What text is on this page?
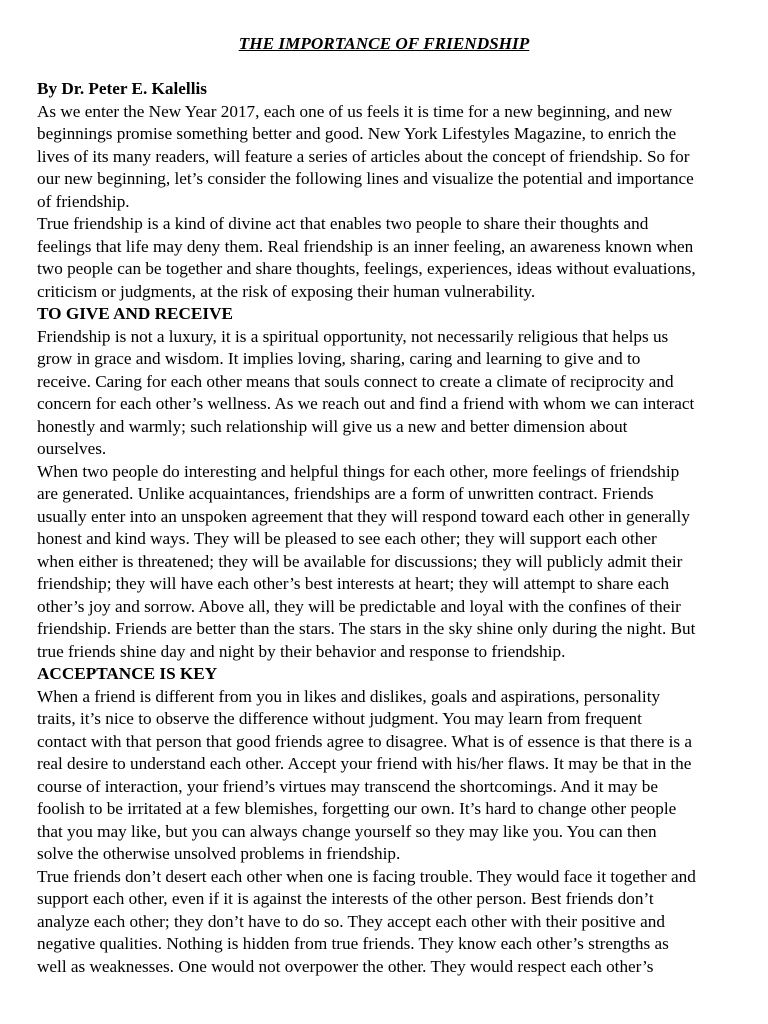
THE IMPORTANCE OF FRIENDSHIP

By Dr. Peter E. Kalellis

As we enter the New Year 2017, each one of us feels it is time for a new beginning, and new
beginnings promise something better and good. New York Lifestyles Magazine, to enrich the
lives of its many readers, will feature a series of articles about the concept of friendship. So for
our new beginning, let’s consider the following lines and visualize the potential and importance
of friendship.
True friendship is a kind of divine act that enables two people to share their thoughts and
feelings that life may deny them. Real friendship is an inner feeling, an awareness known when
two people can be together and share thoughts, feelings, experiences, ideas without evaluations,
criticism or judgments, at the risk of exposing their human vulnerability.
TO GIVE AND RECEIVE
Friendship is not a luxury, it is a spiritual opportunity, not necessarily religious that helps us
grow in grace and wisdom. It implies loving, sharing, caring and learning to give and to
receive. Caring for each other means that souls connect to create a climate of reciprocity and
concern for each other’s wellness. As we reach out and find a friend with whom we can interact
honestly and warmly; such relationship will give us a new and better dimension about
ourselves.
When two people do interesting and helpful things for each other, more feelings of friendship
are generated. Unlike acquaintances, friendships are a form of unwritten contract. Friends
usually enter into an unspoken agreement that they will respond toward each other in generally
honest and kind ways. They will be pleased to see each other; they will support each other
when either is threatened; they will be available for discussions; they will publicly admit their
friendship; they will have each other’s best interests at heart; they will attempt to share each
other’s joy and sorrow. Above all, they will be predictable and loyal with the confines of their
friendship. Friends are better than the stars. The stars in the sky shine only during the night. But
true friends shine day and night by their behavior and response to friendship.
ACCEPTANCE IS KEY
When a friend is different from you in likes and dislikes, goals and aspirations, personality
traits, it’s nice to observe the difference without judgment. You may learn from frequent
contact with that person that good friends agree to disagree. What is of essence is that there is a
real desire to understand each other. Accept your friend with his/her flaws. It may be that in the
course of interaction, your friend’s virtues may transcend the shortcomings. And it may be
foolish to be irritated at a few blemishes, forgetting our own. It’s hard to change other people
that you may like, but you can always change yourself so they may like you. You can then
solve the otherwise unsolved problems in friendship.
True friends don’t desert each other when one is facing trouble. They would face it together and
support each other, even if it is against the interests of the other person. Best friends don’t
analyze each other; they don’t have to do so. They accept each other with their positive and
negative qualities. Nothing is hidden from true friends. They know each other’s strengths as
well as weaknesses. One would not overpower the other. They would respect each other’s
